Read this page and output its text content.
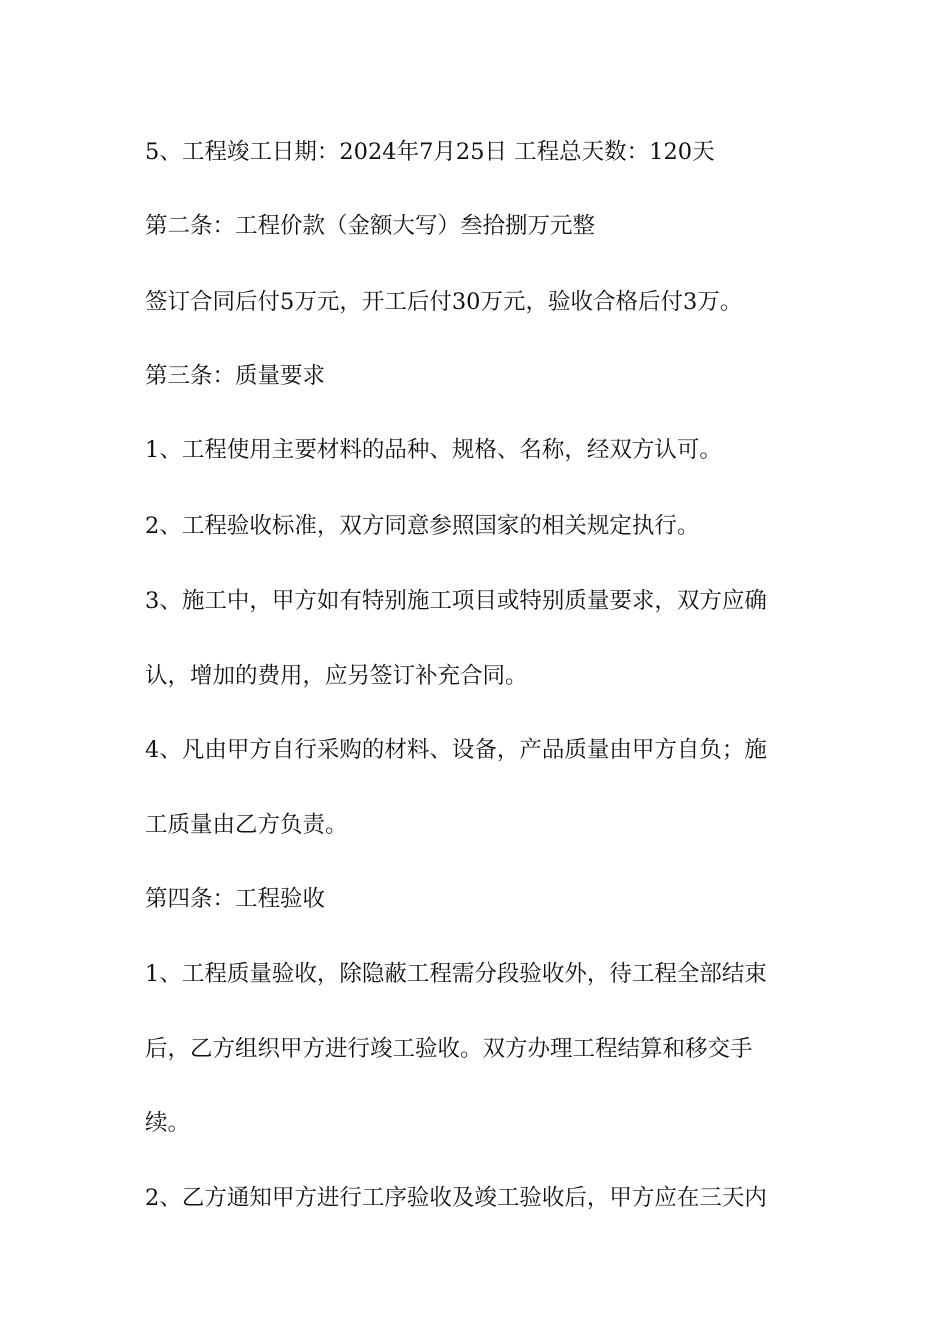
5、工程竣工日期：2024年7月25日 工程总天数：120天
第二条：工程价款（金额大写）叁拾捌万元整
签订合同后付5万元，开工后付30万元，验收合格后付3万。
第三条：质量要求
1、工程使用主要材料的品种、规格、名称，经双方认可。
2、工程验收标准，双方同意参照国家的相关规定执行。
3、施工中，甲方如有特别施工项目或特别质量要求，双方应确
认，增加的费用，应另签订补充合同。
4、凡由甲方自行采购的材料、设备，产品质量由甲方自负；施
工质量由乙方负责。
第四条：工程验收
1、工程质量验收，除隐蔽工程需分段验收外，待工程全部结束
后，乙方组织甲方进行竣工验收。双方办理工程结算和移交手
续。
2、乙方通知甲方进行工序验收及竣工验收后，甲方应在三天内
